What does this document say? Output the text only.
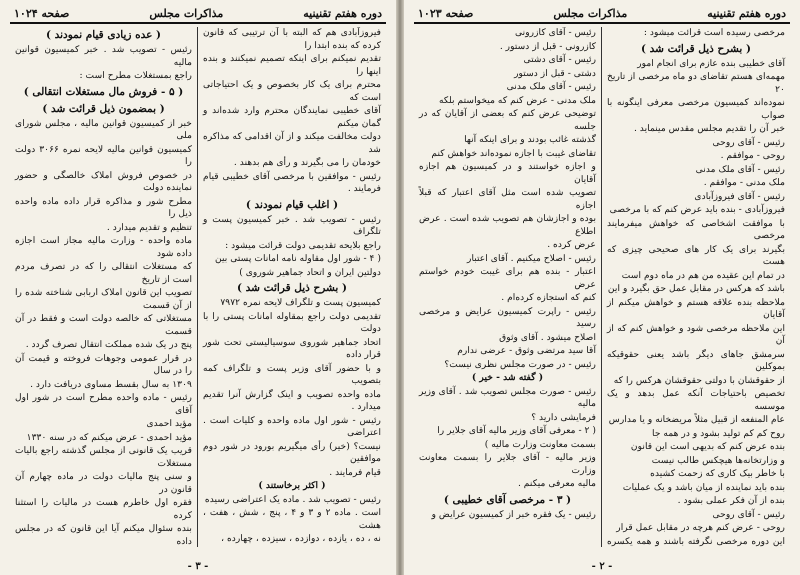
دوره هفتم تقنینیه
مذاکرات مجلس
صفحه ۱۰۲۴

فیروزآبادی هم که البته با آن ترتیبی که قانون کرده که بنده ابتدا را

تقدیم نمیکنم برای اینکه تصمیم نمیکنند و بنده اینها را

محترم برای یک کار بخصوص و یک احتیاجاتی است که

آقای خطیبی نمایندگان محترم وارد شده‌اند و گمان میکنم

دولت مخالفت میکند و از آن اقدامی که مذاکره شد

خودمان را می بگیرند و رأی هم بدهند .

رئیس - موافقین با مرخصی آقای خطیبی قیام فرمایند .

( اغلب قیام نمودند )

رئیس - تصویب شد . خبر کمیسیون پست و تلگراف

راجع بلایحه تقدیمی دولت قرائت میشود :

( ۴ - شور اول مقاوله نامه امانات پستی بین

دولتین ایران و اتحاد جماهیر شوروی )

( بشرح ذیل قرائت شد )

کمیسیون پست و تلگراف لایحه نمره ۷۹۷۲

تقدیمی دولت راجع بمقاوله امانات پستی را با دولت

اتحاد جماهیر شوروی سوسیالیستی تحت شور قرار داده

و با حضور آقای وزیر پست و تلگراف کمه بتصویب

ماده واحده تصویب و اینک گزارش آنرا تقدیم میدارد .

رئیس - شور اول ماده واحده و کلیات است . اعتراضی

نیست؟ (خیر) رأی میگیریم بورود در شور دوم موافقین

قیام فرمایند .

( اکثر برخاستند )

رئیس - تصویب شد . ماده یک اعتراضی رسیده

است . ماده ۲ و ۳ و ۴ ، پنج ، شش ، هفت ، هشت

نه ، ده ، یازده ، دوازده ، سیزده ، چهارده ،

( عده زیادی قیام نمودند )

رئیس - تصویب شد . خبر کمیسیون قوانین مالیه

راجع بمستغلات مطرح است :

( ۵ - فروش مال مستغلات انتقالی )

( بمضمون ذیل قرائت شد )

خبر از کمیسیون قوانین مالیه ، مجلس شورای ملی

کمیسیون قوانین مالیه لایحه نمره ۳۰۶۶ دولت را

در خصوص فروش املاک خالصگی و حضور نماینده دولت

مطرح شور و مذاکره قرار داده ماده واحده ذیل را

تنظیم و تقدیم میدارد .

ماده واحده - وزارت مالیه مجاز است اجازه داده شود

که مستغلات انتقالی را که در تصرف مردم است از تاریخ

تصویب این قانون املاک اربابی شناخته شده را از آن قسمت

مستغلاتی که خالصه دولت است و فقط در آن قسمت

پنج در یک شده مملکت انتقال تصرف گردد .

در قرار عمومی وجوهات فروخته و قیمت آن را در سال

۱۳۰۹ به سال بقسط مساوی دریافت دارد .

رئیس - ماده واحده مطرح است در شور اول آقای

مؤید احمدی

مؤید احمدی - عرض میکنم که در سنه ۱۳۳۰

قریب یک قانونی از مجلس گذشته راجع بالیات مستغلات

و سنی پنج مالیات دولت در ماده چهارم آن قانون در

فقره اول خاطرم هست در مالیات را استثنا کرده

بنده سئوال میکنم آیا این قانون که در مجلس داده

- ۳ -
دوره هفتم تقنینیه
مذاکرات مجلس
صفحه ۱۰۲۳

مرخصی رسیده است قرائت میشود :

( بشرح ذیل قرائت شد )

آقای خطیبی بنده عازم برای انجام امور

مهمه‌ای هستم تقاضای دو ماه مرخصی از تاریخ ۲۰

نموده‌اند کمیسیون مرخصی معرفی اینگونه با صواب

خبر آن را تقدیم مجلس مقدس مینماید .

رئیس - آقای روحی

روحی - موافقم .

رئیس - آقای ملک مدنی

ملک مدنی - موافقم .

رئیس - آقای فیروزآبادی

فیروزآبادی - بنده باید عرض کنم که با مرخصی

با موافقت اشخاصی که خواهش میفرمایند مرخصی

بگیرند برای یک کار های صحیحی چیزی که هست

در تمام این عقیده من هم در ماه دوم است

باشد که هرکس در مقابل عمل حق بگیرد و این

ملاحظه بنده علاقه هستم و خواهش میکنم از آقایان

این ملاحظه مرخصی شود و خواهش کنم که از آن

سرمشق جاهای دیگر باشد یعنی حقوقیکه بموکلین

از حقوقشان با دولتی حقوقشان هرکس را که

تخصیص باحتیاجات آنکه عمل بدهد و یک موسسه

عام المنفعه از قبیل مثلاً مریضخانه و یا مدارس

روح کم کم تولید بشود و در همه جا

بنده عرض کنم که بدیهی است این قانون

و وزارتخانه‌ها هیچکس طالب نیست

با خاطر بیک کاری که زحمت کشیده

بنده باید نماینده از میان باشد و یک عملیات

بنده از آن فکر عملی بشود .

رئیس - آقای روحی

روحی - عرض کنم هرچه در مقابل عمل قرار

این دوره مرخصی نگرفته باشند و همه یکسره

رئیس - آقای کازرونی

کازرونی - قبل از دستور .

رئیس - آقای دشتی

دشتی - قبل از دستور

رئیس - آقای ملک مدنی

ملک مدنی - عرض کنم که میخواستم بلکه

توضیحی عرض کنم که بعضی از آقایان که در جلسه

گذشته غائب بودند و برای اینکه آنها

تقاضای غیبت با اجازه نموده‌اند خواهش کنم

و اجازه خواستند و در کمیسیون هم اجازه آقایان

تصویب شده است مثل آقای اعتبار که قبلاً اجازه

بوده و اجازشان هم تصویب شده است . عرض اطلاع

عرض کرده .

رئیس - اصلاح میکنیم . آقای اعتبار

اعتبار - بنده هم برای غیبت خودم خواستم عرض

کنم که استجازه کرده‌ام .

رئیس - راپرت کمیسیون عرایض و مرخصی رسید

اصلاح میشود . آقای وثوق

آقا سید مرتضی وثوق - عرضی ندارم

رئیس - در صورت مجلس نظری نیست؟

( گفته شد - خیر )

رئیس - صورت مجلس تصویب شد . آقای وزیر مالیه

فرمایشی دارید ؟

( ۲ - معرفی آقای وزیر مالیه آقای جلایر را

بسمت معاونت وزارت مالیه )

وزیر مالیه - آقای جلایر را بسمت معاونت وزارت

مالیه معرفی میکنم .

( ۳ - مرخصی آقای خطیبی )

رئیس - یک فقره خبر از کمیسیون عرایض و

- ۲ -
